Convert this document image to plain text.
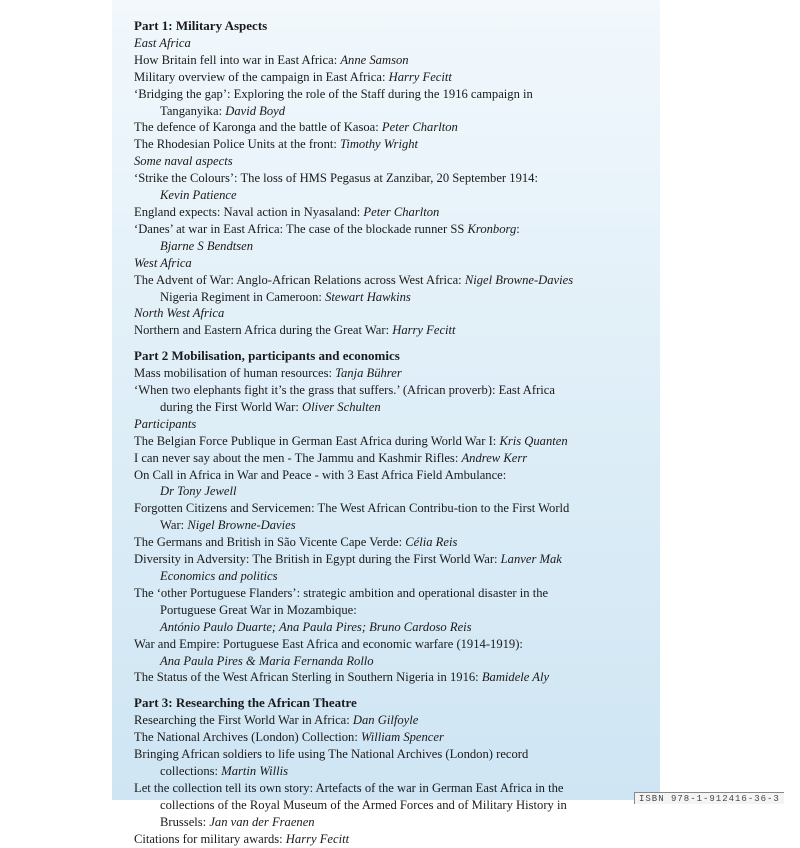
Part 1: Military Aspects
East Africa
How Britain fell into war in East Africa: Anne Samson
Military overview of the campaign in East Africa: Harry Fecitt
‘Bridging the gap’: Exploring the role of the Staff during the 1916 campaign in
Tanganyika: David Boyd
The defence of Karonga and the battle of Kasoa: Peter Charlton
The Rhodesian Police Units at the front: Timothy Wright
Some naval aspects
‘Strike the Colours’: The loss of HMS Pegasus at Zanzibar, 20 September 1914:
Kevin Patience
England expects: Naval action in Nyasaland: Peter Charlton
‘Danes’ at war in East Africa: The case of the blockade runner SS Kronborg:
Bjarne S Bendtsen
West Africa
The Advent of War: Anglo-African Relations across West Africa: Nigel Browne-Davies
Nigeria Regiment in Cameroon: Stewart Hawkins
North West Africa
Northern and Eastern Africa during the Great War: Harry Fecitt
Part 2 Mobilisation, participants and economics
Mass mobilisation of human resources: Tanja Bührer
‘When two elephants fight it’s the grass that suffers.’ (African proverb): East Africa
during the First World War: Oliver Schulten
Participants
The Belgian Force Publique in German East Africa during World War I: Kris Quanten
I can never say about the men - The Jammu and Kashmir Rifles: Andrew Kerr
On Call in Africa in War and Peace - with 3 East Africa Field Ambulance:
Dr Tony Jewell
Forgotten Citizens and Servicemen: The West African Contribu-tion to the First World
War: Nigel Browne-Davies
The Germans and British in São Vicente Cape Verde: Célia Reis
Diversity in Adversity: The British in Egypt during the First World War: Lanver Mak
Economics and politics
The ‘other Portuguese Flanders’: strategic ambition and operational disaster in the
Portuguese Great War in Mozambique:
António Paulo Duarte; Ana Paula Pires; Bruno Cardoso Reis
War and Empire: Portuguese East Africa and economic warfare (1914-1919):
Ana Paula Pires & Maria Fernanda Rollo
The Status of the West African Sterling in Southern Nigeria in 1916: Bamidele Aly
Part 3: Researching the African Theatre
Researching the First World War in Africa: Dan Gilfoyle
The National Archives (London) Collection: William Spencer
Bringing African soldiers to life using The National Archives (London) record
collections: Martin Willis
Let the collection tell its own story: Artefacts of the war in German East Africa in the
collections of the Royal Museum of the Armed Forces and of Military History in
Brussels: Jan van der Fraenen
Citations for military awards: Harry Fecitt
ISBN 978-1-912416-36-3
